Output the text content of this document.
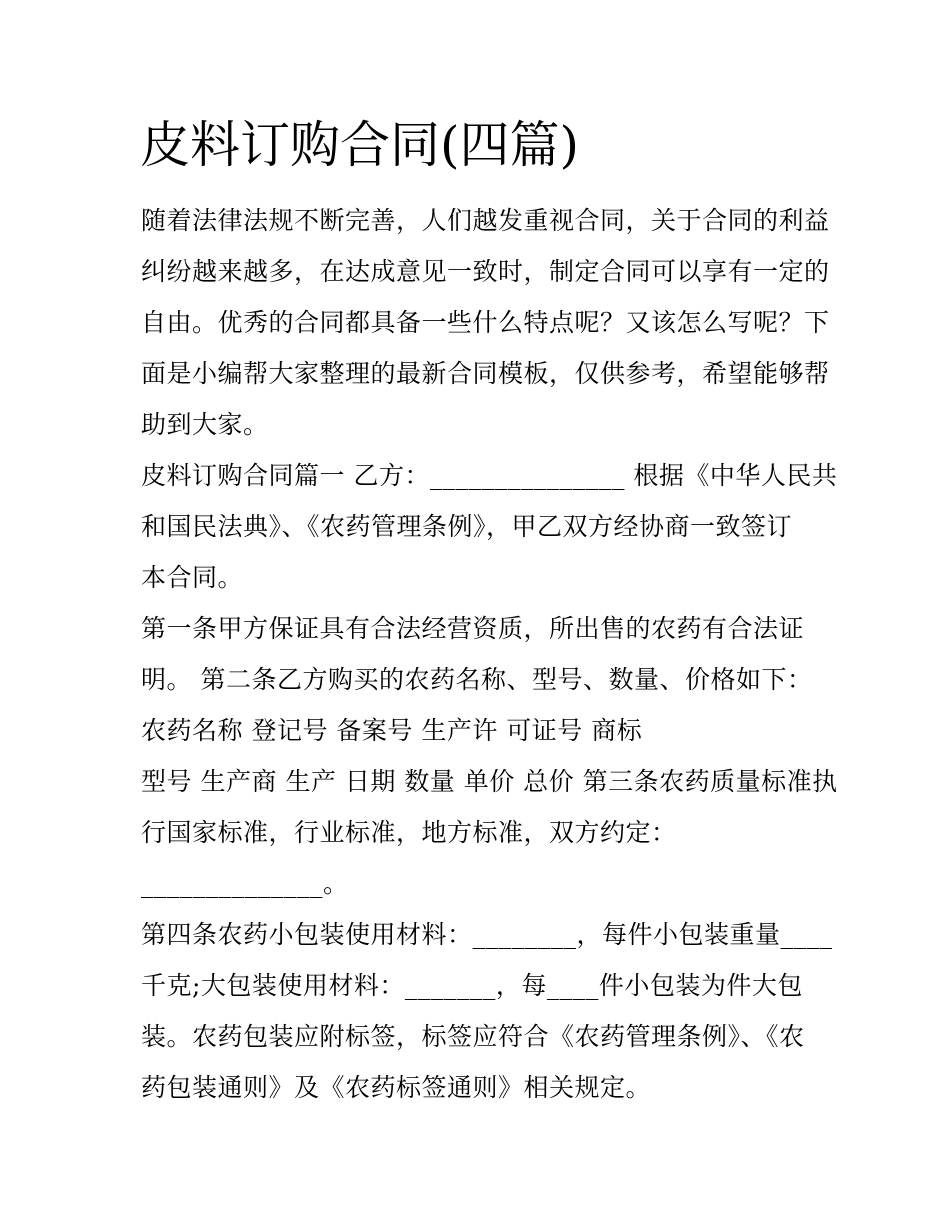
皮料订购合同(四篇)
随着法律法规不断完善，人们越发重视合同，关于合同的利益
纠纷越来越多，在达成意见一致时，制定合同可以享有一定的
自由。优秀的合同都具备一些什么特点呢？又该怎么写呢？下
面是小编帮大家整理的最新合同模板，仅供参考，希望能够帮
助到大家。
皮料订购合同篇一 乙方：_______________ 根据《中华人民共
和国民法典》、《农药管理条例》，甲乙双方经协商一致签订
本合同。
第一条甲方保证具有合法经营资质，所出售的农药有合法证
明。 第二条乙方购买的农药名称、型号、数量、价格如下：
农药名称 登记号 备案号 生产许 可证号 商标
型号 生产商 生产 日期 数量 单价 总价 第三条农药质量标准执
行国家标准，行业标准，地方标准，双方约定：
______________。
第四条农药小包装使用材料：________，每件小包装重量____
千克;大包装使用材料：_______，每____件小包装为件大包
装。农药包装应附标签，标签应符合《农药管理条例》、《农
药包装通则》及《农药标签通则》相关规定。
